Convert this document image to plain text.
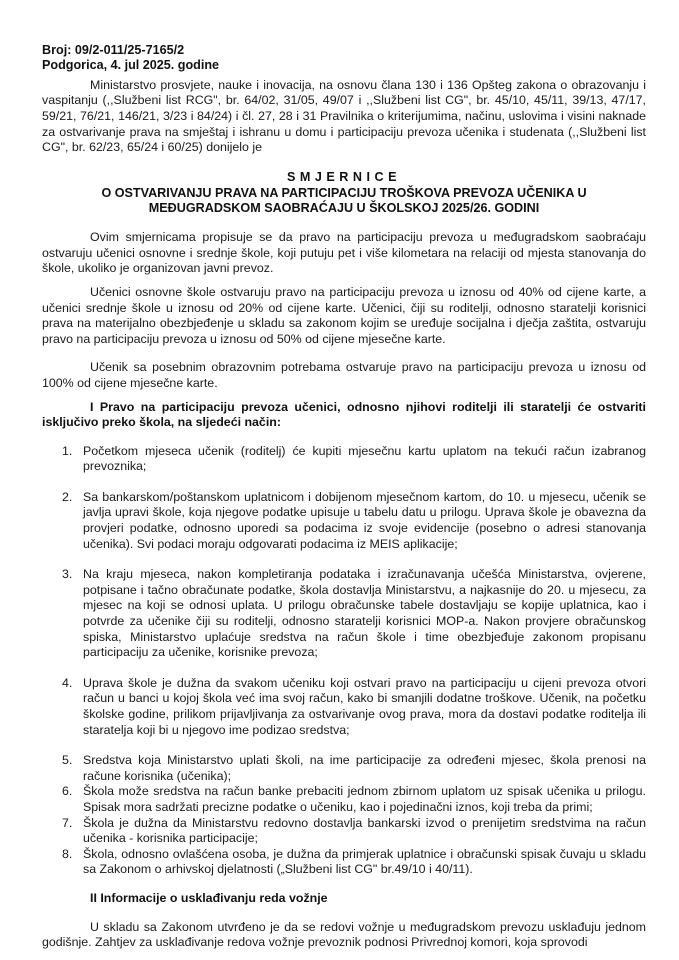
Broj: 09/2-011/25-7165/2
Podgorica, 4. jul 2025. godine

Ministarstvo prosvjete, nauke i inovacija, na osnovu člana 130 i 136 Opšteg zakona o obrazovanju i vaspitanju (,,Službeni list RCG", br. 64/02, 31/05, 49/07 i ,,Službeni list CG", br. 45/10, 45/11, 39/13, 47/17, 59/21, 76/21, 146/21, 3/23 i 84/24) i čl. 27, 28 i 31 Pravilnika o kriterijumima, načinu, uslovima i visini naknade za ostvarivanje prava na smještaj i ishranu u domu i participaciju prevoza učenika i studenata (,,Službeni list CG", br. 62/23, 65/24 i 60/25) donijelo je

SMJERNICE
O OSTVARIVANJU PRAVA NA PARTICIPACIJU TROŠKOVA PREVOZA UČENIKA U
MEĐUGRADSKOM SAOBRAĆAJU U ŠKOLSKOJ 2025/26. GODINI

Ovim smjernicama propisuje se da pravo na participaciju prevoza u međugradskom saobraćaju ostvaruju učenici osnovne i srednje škole, koji putuju pet i više kilometara na relaciji od mjesta stanovanja do škole, ukoliko je organizovan javni prevoz.

Učenici osnovne škole ostvaruju pravo na participaciju prevoza u iznosu od 40% od cijene karte, a učenici srednje škole u iznosu od 20% od cijene karte. Učenici, čiji su roditelji, odnosno staratelji korisnici prava na materijalno obezbjeđenje u skladu sa zakonom kojim se uređuje socijalna i dječja zaštita, ostvaruju pravo na participaciju prevoza u iznosu od 50% od cijene mjesečne karte.

Učenik sa posebnim obrazovnim potrebama ostvaruje pravo na participaciju prevoza u iznosu od 100% od cijene mjesečne karte.

I Pravo na participaciju prevoza učenici, odnosno njihovi roditelji ili staratelji će ostvariti isključivo preko škola, na sljedeći način:

1. Početkom mjeseca učenik (roditelj) će kupiti mjesečnu kartu uplatom na tekući račun izabranog prevoznika;
2. Sa bankarskom/poštanskom uplatnicom i dobijenom mjesečnom kartom, do 10. u mjesecu, učenik se javlja upravi škole, koja njegove podatke upisuje u tabelu datu u prilogu. Uprava škole je obavezna da provjeri podatke, odnosno uporedi sa podacima iz svoje evidencije (posebno o adresi stanovanja učenika). Svi podaci moraju odgovarati podacima iz MEIS aplikacije;
3. Na kraju mjeseca, nakon kompletiranja podataka i izračunavanja učešća Ministarstva, ovjerene, potpisane i tačno obračunate podatke, škola dostavlja Ministarstvu, a najkasnije do 20. u mjesecu, za mjesec na koji se odnosi uplata. U prilogu obračunske tabele dostavljaju se kopije uplatnica, kao i potvrde za učenike čiji su roditelji, odnosno staratelji korisnici MOP-a. Nakon provjere obračunskog spiska, Ministarstvo uplaćuje sredstva na račun škole i time obezbjeđuje zakonom propisanu participaciju za učenike, korisnike prevoza;
4. Uprava škole je dužna da svakom učeniku koji ostvari pravo na participaciju u cijeni prevoza otvori račun u banci u kojoj škola već ima svoj račun, kako bi smanjili dodatne troškove. Učenik, na početku školske godine, prilikom prijavljivanja za ostvarivanje ovog prava, mora da dostavi podatke roditelja ili staratelja koji bi u njegovo ime podizao sredstva;
5. Sredstva koja Ministarstvo uplati školi, na ime participacije za određeni mjesec, škola prenosi na račune korisnika (učenika);
6. Škola može sredstva na račun banke prebaciti jednom zbirnom uplatom uz spisak učenika u prilogu. Spisak mora sadržati precizne podatke o učeniku, kao i pojedinačni iznos, koji treba da primi;
7. Škola je dužna da Ministarstvu redovno dostavlja bankarski izvod o prenijetim sredstvima na račun učenika - korisnika participacije;
8. Škola, odnosno ovlašćena osoba, je dužna da primjerak uplatnice i obračunski spisak čuvaju u skladu sa Zakonom o arhivskoj djelatnosti („Službeni list CG" br.49/10 i 40/11).

II Informacije o usklađivanju reda vožnje

U skladu sa Zakonom utvrđeno je da se redovi vožnje u međugradskom prevozu usklađuju jednom godišnje. Zahtjev za usklađivanje redova vožnje prevoznik podnosi Privrednoj komori, koja sprovodi
